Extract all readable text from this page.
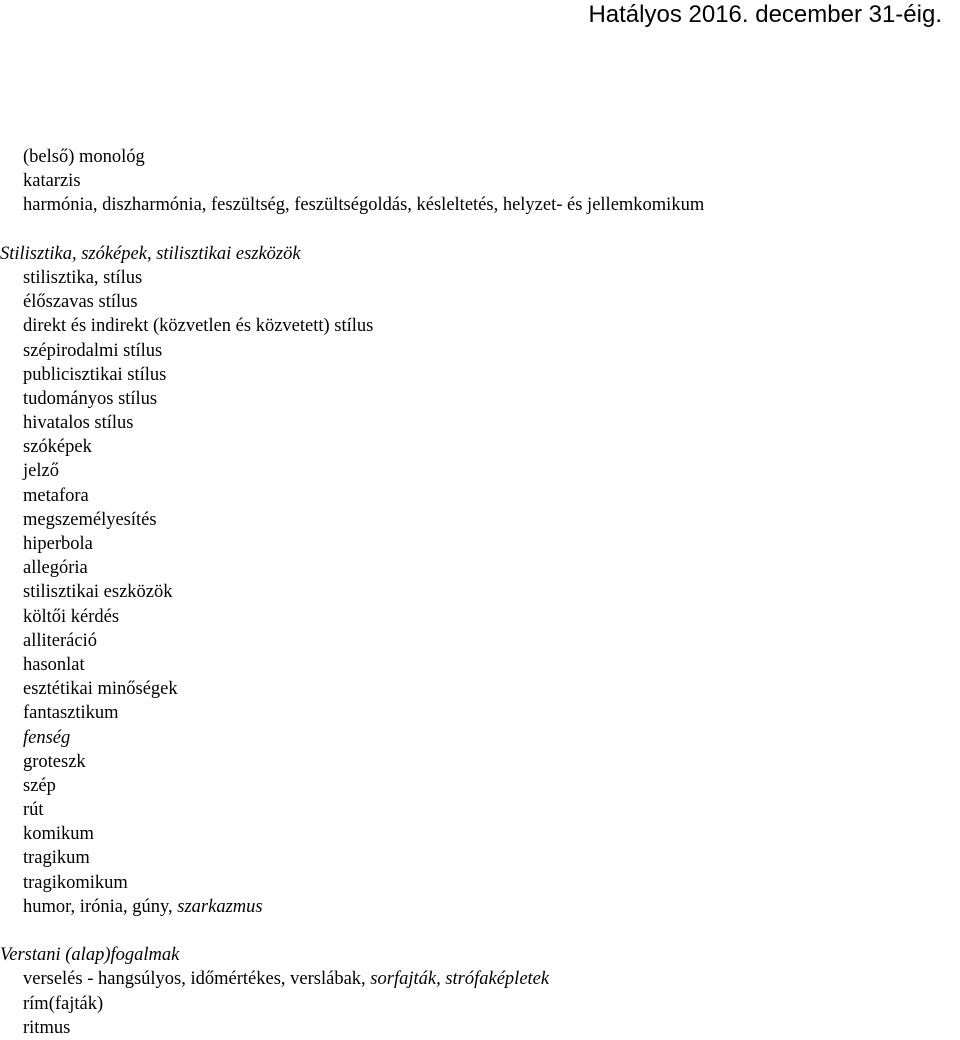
Hatályos 2016. december 31-éig.
(belső) monológ
katarzis
harmónia, diszharmónia, feszültség, feszültségoldás, késleltetés, helyzet- és jellemkomikum
Stilisztika, szóképek, stilisztikai eszközök
stilisztika, stílus
élőszavas stílus
direkt és indirekt (közvetlen és közvetett) stílus
szépirodalmi stílus
publicisztikai stílus
tudományos stílus
hivatalos stílus
szóképek
jelző
metafora
megszemélyesítés
hiperbola
allegória
stilisztikai eszközök
költői kérdés
alliteráció
hasonlat
esztétikai minőségek
fantasztikum
fenség
groteszk
szép
rút
komikum
tragikum
tragikomikum
humor, irónia, gúny, szarkazmus
Verstani (alap)fogalmak
verselés - hangsúlyos, időmértékes, verslábak, sorfajták, strófaképletek
rím(fajták)
ritmus
